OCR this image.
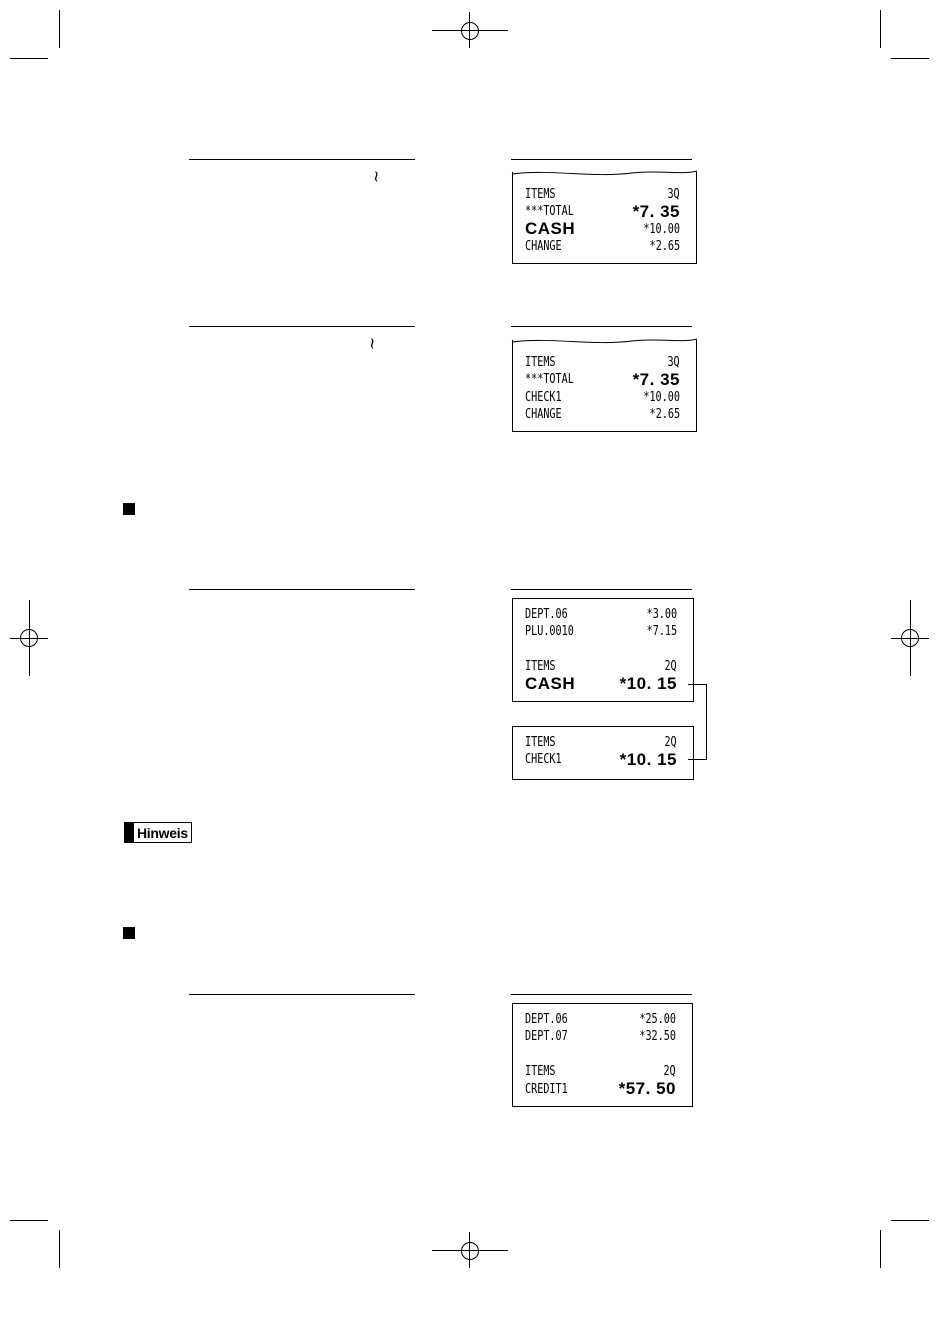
~
ITEMS	3Q
***TOTAL	*7. 35
CASH	*10.00
CHANGE	*2.65
~
ITEMS	3Q
***TOTAL	*7. 35
CHECK1	*10.00
CHANGE	*2.65
DEPT.06	*3.00
PLU.0010	*7.15
ITEMS	2Q
CASH	*10. 15
ITEMS	2Q
CHECK1	*10. 15
Hinweis
DEPT.06	*25.00
DEPT.07	*32.50
ITEMS	2Q
CREDIT1	*57. 50
